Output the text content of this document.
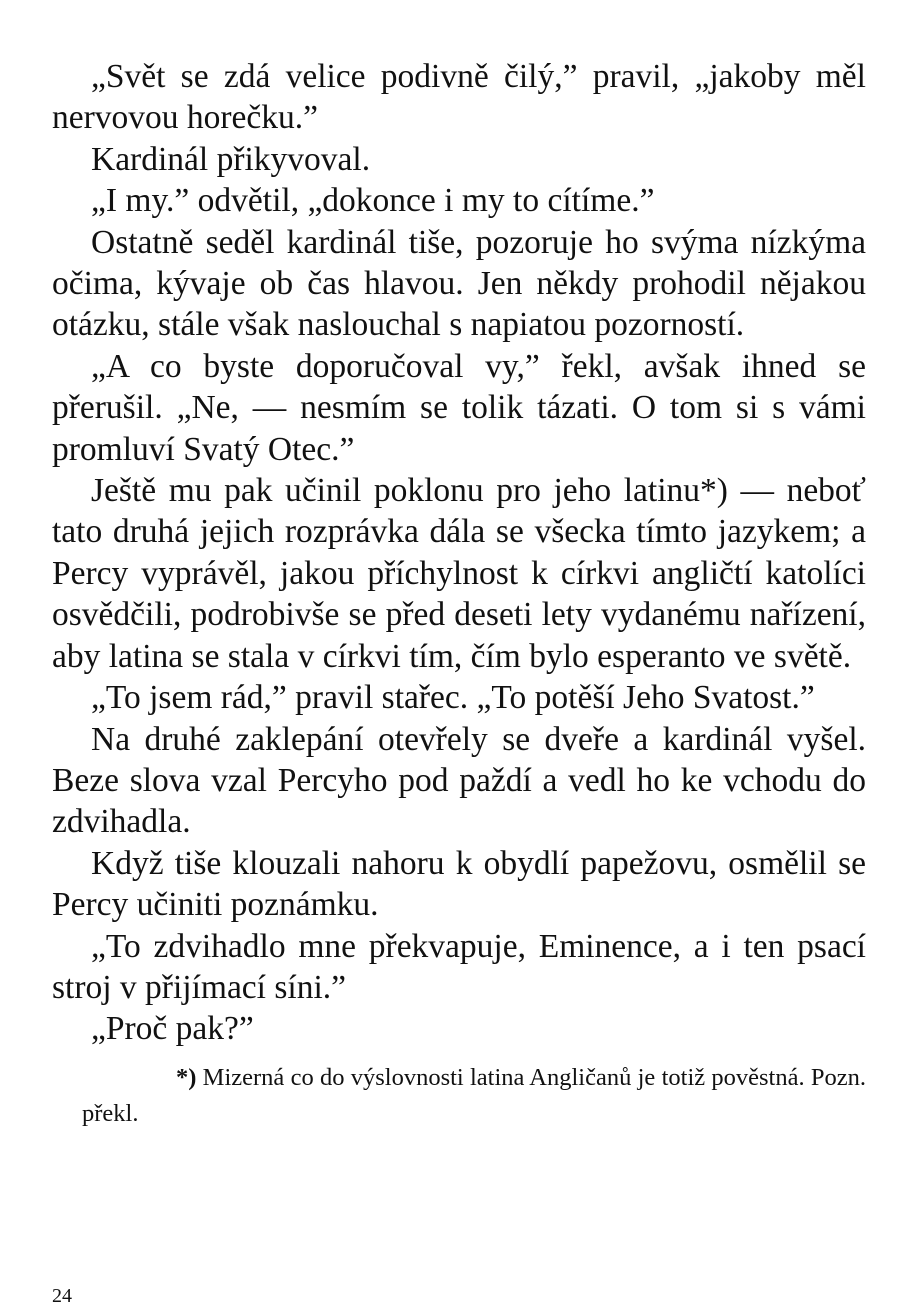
„Svět se zdá velice podivně čilý,” pravil, „jakoby měl nervovou horečku.”

Kardinál přikyvoval.

„I my.” odvětil, „dokonce i my to cítíme.”

Ostatně seděl kardinál tiše, pozoruje ho svýma nízkýma očima, kývaje ob čas hlavou. Jen někdy prohodil nějakou otázku, stále však naslouchal s napiatou pozorností.

„A co byste doporučoval vy,” řekl, avšak ihned se přerušil. „Ne, — nesmím se tolik tázati. O tom si s vámi promluví Svatý Otec.”

Ještě mu pak učinil poklonu pro jeho latinu*) — neboť tato druhá jejich rozprávka dála se všecka tímto jazykem; a Percy vyprávěl, jakou příchylnost k církvi angličtí katolíci osvědčili, podrobivše se před deseti lety vydanému nařízení, aby latina se stala v církvi tím, čím bylo esperanto ve světě.

„To jsem rád,” pravil stařec. „To potěší Jeho Svatost.”

Na druhé zaklepání otevřely se dveře a kardinál vyšel. Beze slova vzal Percyho pod paždí a vedl ho ke vchodu do zdvihadla.

Když tiše klouzali nahoru k obydlí papežovu, osmělil se Percy učiniti poznámku.

„To zdvihadlo mne překvapuje, Eminence, a i ten psací stroj v přijímací síni.”

„Proč pak?”

*) Mizerná co do výslovnosti latina Angličanů je totiž pověstná. Pozn. překl.

24
